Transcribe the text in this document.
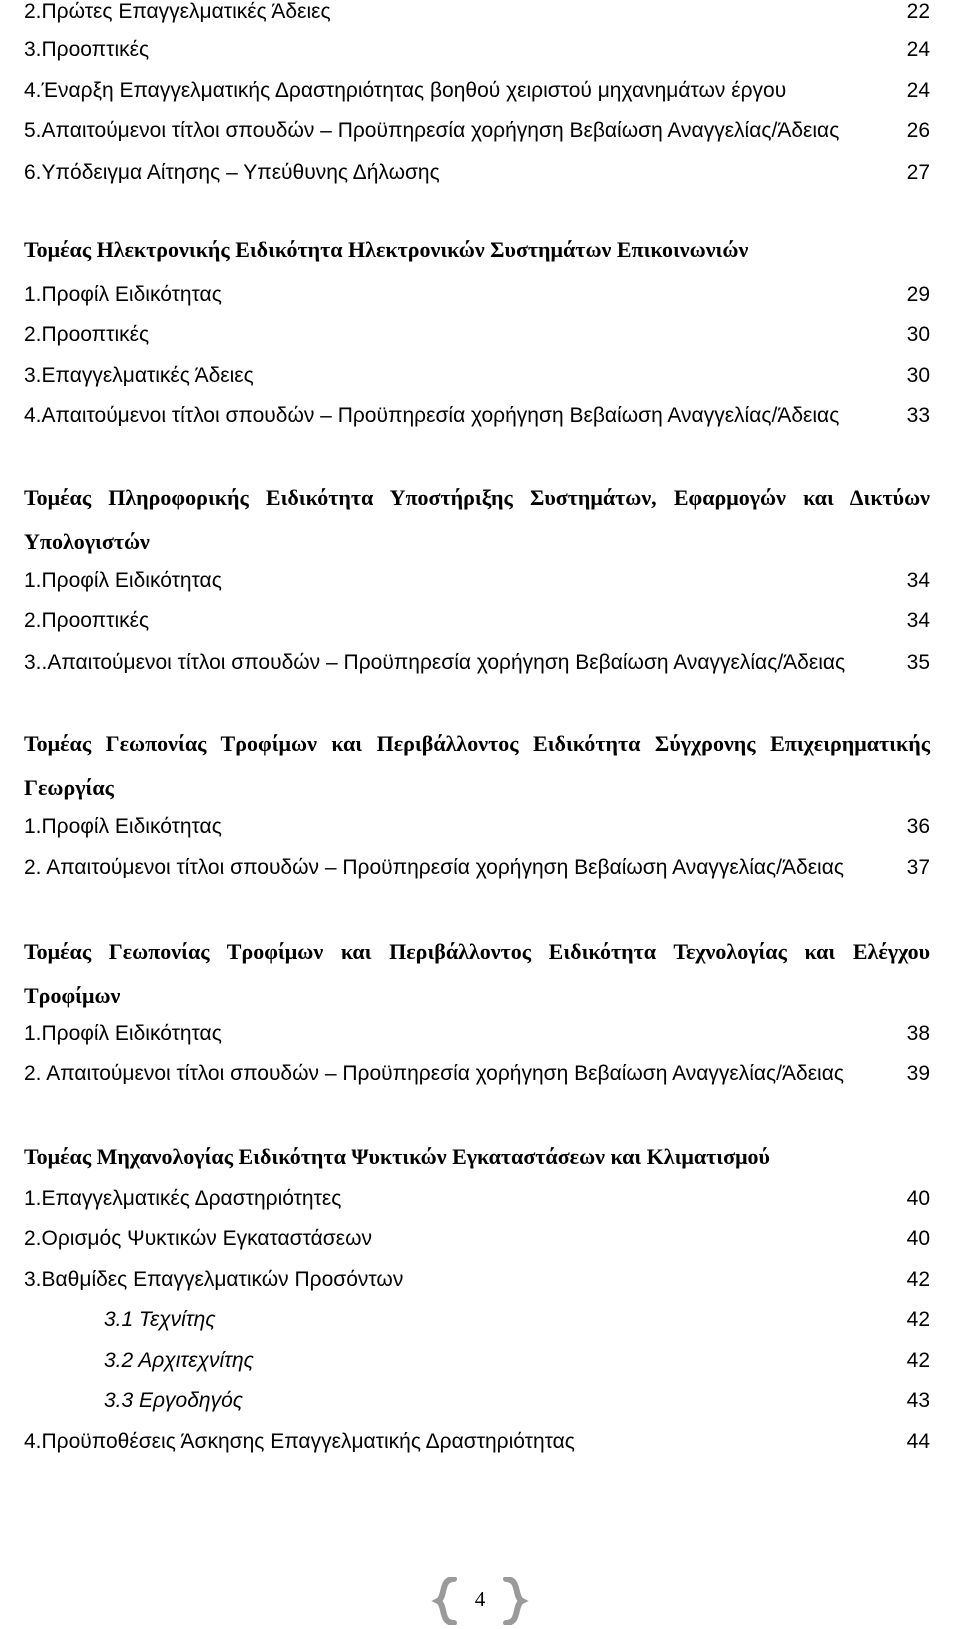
2.Πρώτες Επαγγελματικές Άδειες	22
3.Προοπτικές	24
4.Έναρξη Επαγγελματικής Δραστηριότητας βοηθού χειριστού μηχανημάτων έργου	24
5.Απαιτούμενοι τίτλοι σπουδών – Προϋπηρεσία χορήγηση Βεβαίωση Αναγγελίας/Άδειας	26
6.Υπόδειγμα Αίτησης – Υπεύθυνης Δήλωσης	27
Τομέας Ηλεκτρονικής Ειδικότητα Ηλεκτρονικών Συστημάτων Επικοινωνιών
1.Προφίλ Ειδικότητας	29
2.Προοπτικές	30
3.Επαγγελματικές Άδειες	30
4.Απαιτούμενοι τίτλοι σπουδών – Προϋπηρεσία χορήγηση Βεβαίωση Αναγγελίας/Άδειας	33
Τομέας Πληροφορικής Ειδικότητα Υποστήριξης Συστημάτων, Εφαρμογών και Δικτύων Υπολογιστών
1.Προφίλ Ειδικότητας	34
2.Προοπτικές	34
3..Απαιτούμενοι τίτλοι σπουδών – Προϋπηρεσία χορήγηση Βεβαίωση Αναγγελίας/Άδειας	35
Τομέας Γεωπονίας Τροφίμων και Περιβάλλοντος Ειδικότητα Σύγχρονης Επιχειρηματικής Γεωργίας
1.Προφίλ Ειδικότητας	36
2. Απαιτούμενοι τίτλοι σπουδών – Προϋπηρεσία χορήγηση Βεβαίωση Αναγγελίας/Άδειας	37
Τομέας Γεωπονίας Τροφίμων και Περιβάλλοντος Ειδικότητα Τεχνολογίας και Ελέγχου Τροφίμων
1.Προφίλ Ειδικότητας	38
2. Απαιτούμενοι τίτλοι σπουδών – Προϋπηρεσία χορήγηση Βεβαίωση Αναγγελίας/Άδειας	39
Τομέας Μηχανολογίας Ειδικότητα Ψυκτικών Εγκαταστάσεων και Κλιματισμού
1.Επαγγελματικές Δραστηριότητες	40
2.Ορισμός Ψυκτικών Εγκαταστάσεων	40
3.Βαθμίδες Επαγγελματικών Προσόντων	42
3.1 Τεχνίτης	42
3.2 Αρχιτεχνίτης	42
3.3 Εργοδηγός	43
4.Προϋποθέσεις Άσκησης Επαγγελματικής Δραστηριότητας	44
4
